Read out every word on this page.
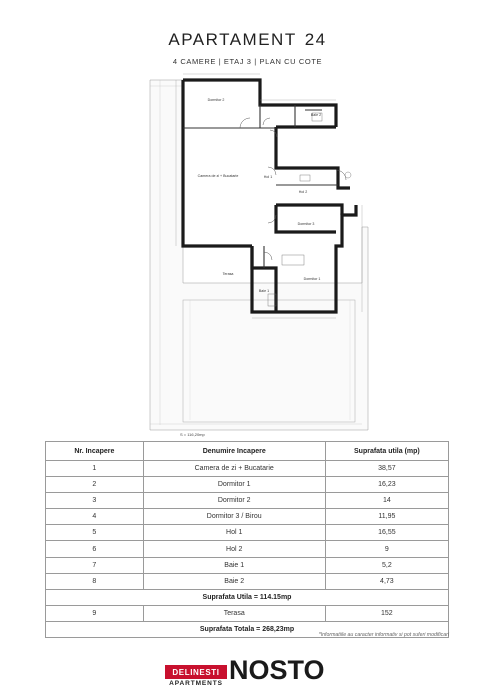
APARTAMENT 24
4 CAMERE | ETAJ 3 | PLAN CU COTE
Dormitor 2
Camera de zi + Bucatarie	Hol 1
Hol 2
Dormitor 3
Dormitor 1
Baie 1
Baie 2
Terasa
S = 116,20mp
Nr. Incapere	Denumire Incapere	Suprafata utila (mp)
1	Camera de zi + Bucatarie	38,57
2	Dormitor 1	16,23
3	Dormitor 2	14
4	Dormitor 3 / Birou	11,95
5	Hol 1	16,55
6	Hol 2	9
7	Baie 1	5,2
8	Baie 2	4,73
Suprafata Utila = 114.15mp		
9	Terasa	152
Suprafata Totala = 268,23mp		
*Informatiile au caracter informativ si pot suferi modificari
DELINESTI
APARTMENTS NOSTO
